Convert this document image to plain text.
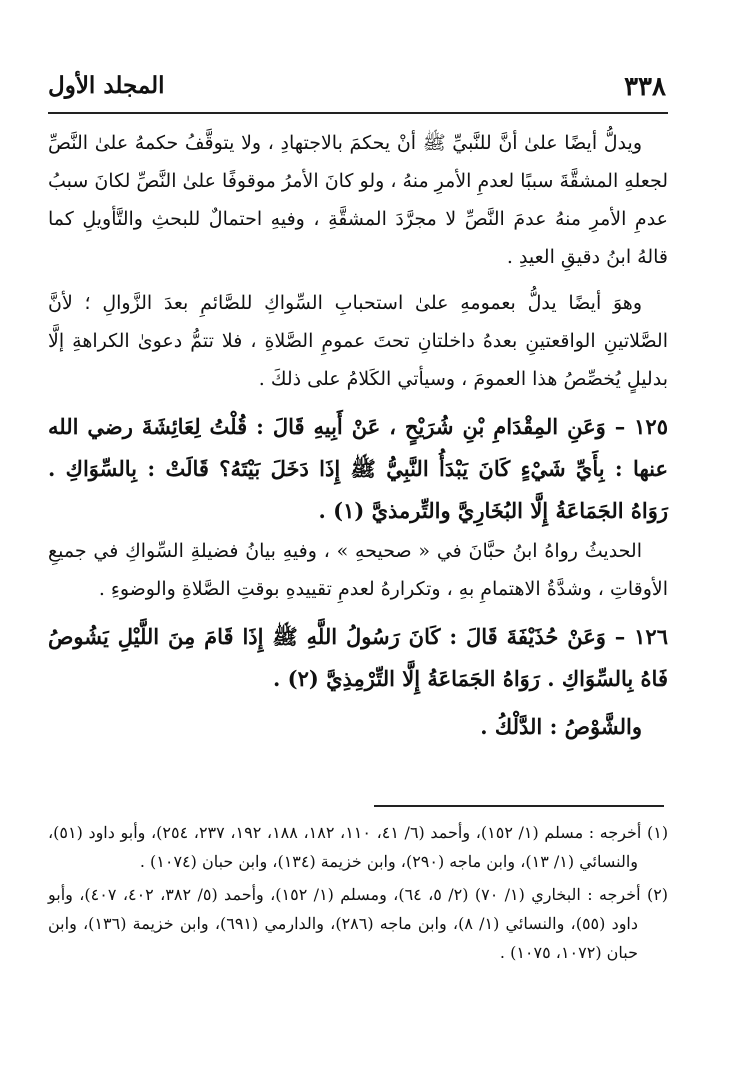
٣٣٨
المجلد الأول

ويدلُّ أيضًا علىٰ أنَّ للنَّبيِّ ﷺ أنْ يحكمَ بالاجتهادِ ، ولا يتوقَّفُ حكمهُ علىٰ النَّصِّ لجعلهِ المشقَّةَ سببًا لعدمِ الأمرِ منهُ ، ولو كانَ الأمرُ موقوفًا علىٰ النَّصِّ لكانَ سببُ عدمِ الأمرِ منهُ عدمَ النَّصِّ لا مجرَّدَ المشقَّةِ ، وفيهِ احتمالٌ للبحثِ والتَّأويلِ كما قالهُ ابنُ دقيقِ العيدِ .

وهوَ أيضًا يدلُّ بعمومهِ علىٰ استحبابِ السِّواكِ للصَّائمِ بعدَ الزَّوالِ ؛ لأنَّ الصَّلاتينِ الواقعتينِ بعدهُ داخلتانِ تحتَ عمومِ الصَّلاةِ ، فلا تتمُّ دعوىٰ الكراهةِ إلَّا بدليلٍ يُخصِّصُ هذا العمومَ ، وسيأتي الكَلامُ على ذلكَ .

١٢٥ – وَعَنِ المِقْدَامِ بْنِ شُرَيْحٍ ، عَنْ أَبِيهِ قَالَ : قُلْتُ لِعَائِشَةَ رضي الله عنها : بِأَيِّ شَيْءٍ كَانَ يَبْدَأُ النَّبِيُّ ﷺ إِذَا دَخَلَ بَيْتَهُ؟ قَالَتْ : بِالسِّوَاكِ . رَوَاهُ الجَمَاعَةُ إِلَّا البُخَارِيَّ والتِّرمذيَّ (١) .

الحديثُ رواهُ ابنُ حبَّانَ في « صحيحهِ » ، وفيهِ بيانُ فضيلةِ السِّواكِ في جميعِ الأوقاتِ ، وشدَّةُ الاهتمامِ بهِ ، وتكرارهُ لعدمِ تقييدهِ بوقتِ الصَّلاةِ والوضوءِ .

١٢٦ – وَعَنْ حُذَيْفَةَ قَالَ : كَانَ رَسُولُ اللَّهِ ﷺ إِذَا قَامَ مِنَ اللَّيْلِ يَشُوصُ فَاهُ بِالسِّوَاكِ . رَوَاهُ الجَمَاعَةُ إِلَّا التِّرْمِذِيَّ (٢) .

والشَّوْصُ : الدَّلْكُ .

(١) أخرجه : مسلم (١/ ١٥٢)، وأحمد (٦/ ٤١، ١١٠، ١٨٢، ١٨٨، ١٩٢، ٢٣٧، ٢٥٤)، وأبو داود (٥١)، والنسائي (١/ ١٣)، وابن ماجه (٢٩٠)، وابن خزيمة (١٣٤)، وابن حبان (١٠٧٤) .

(٢) أخرجه : البخاري (١/ ٧٠) (٢/ ٥، ٦٤)، ومسلم (١/ ١٥٢)، وأحمد (٥/ ٣٨٢، ٤٠٢، ٤٠٧)، وأبو داود (٥٥)، والنسائي (١/ ٨)، وابن ماجه (٢٨٦)، والدارمي (٦٩١)، وابن خزيمة (١٣٦)، وابن حبان (١٠٧٢، ١٠٧٥) .
